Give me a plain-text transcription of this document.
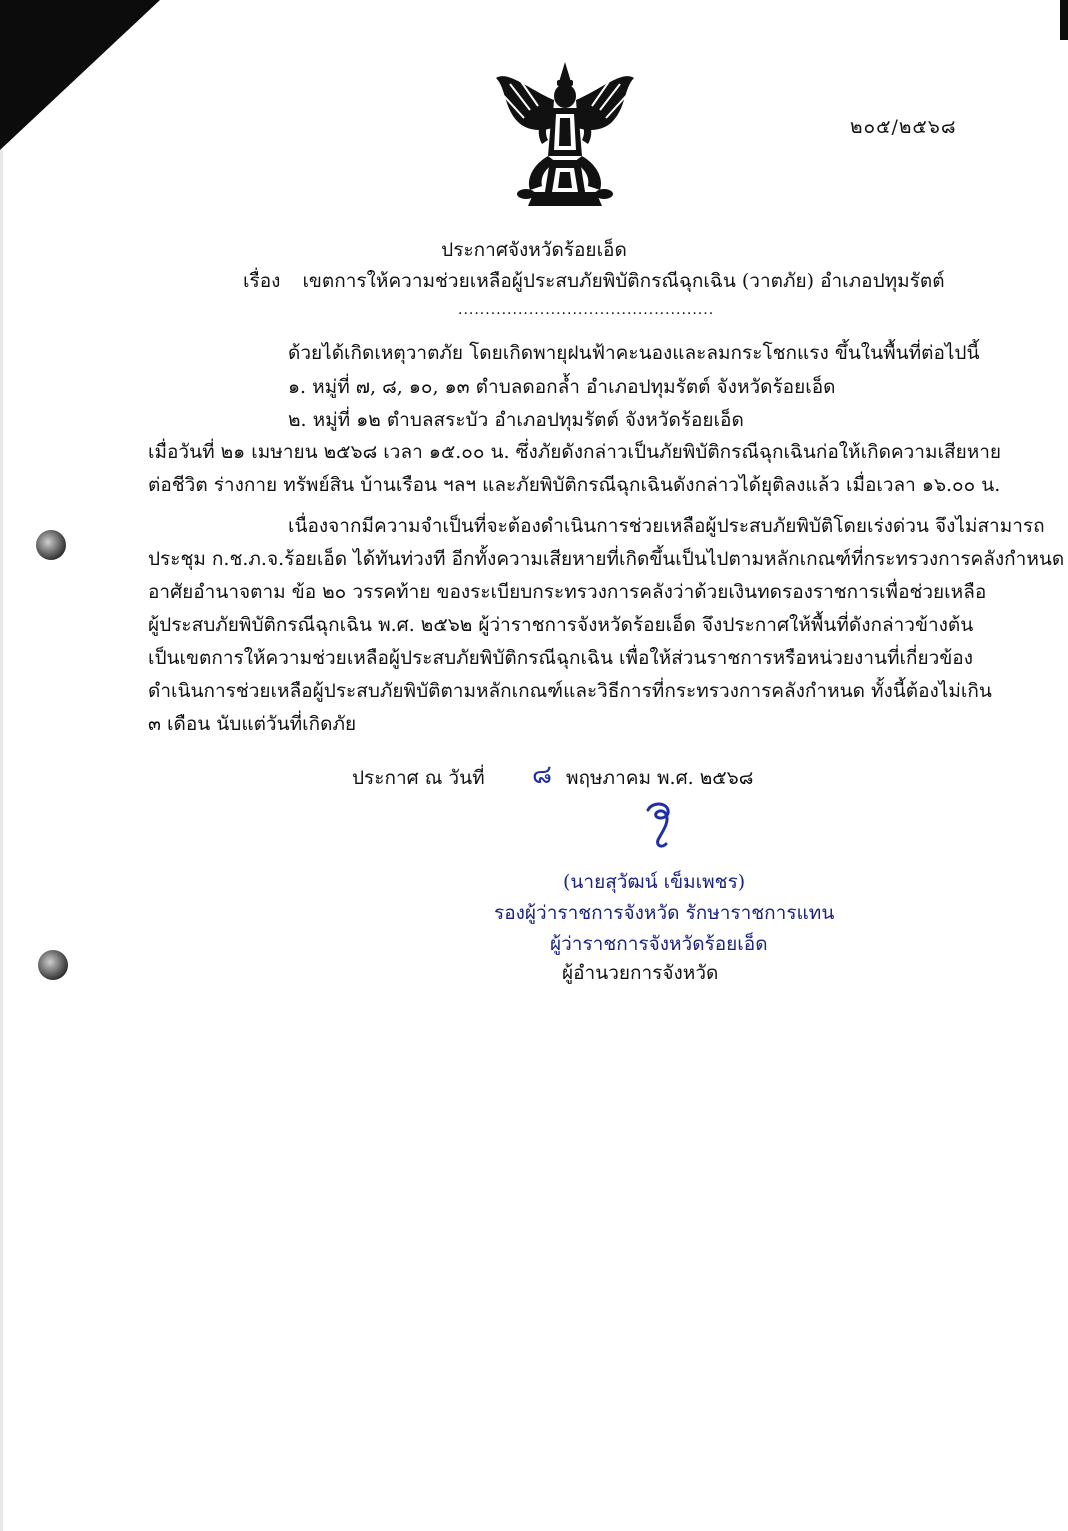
๒๐๕/๒๕๖๘
ประกาศจังหวัดร้อยเอ็ด
เรื่อง เขตการให้ความช่วยเหลือผู้ประสบภัยพิบัติกรณีฉุกเฉิน (วาตภัย) อำเภอปทุมรัตต์
...............................................
ด้วยได้เกิดเหตุวาตภัย โดยเกิดพายุฝนฟ้าคะนองและลมกระโชกแรง ขึ้นในพื้นที่ต่อไปนี้
๑. หมู่ที่ ๗, ๘, ๑๐, ๑๓ ตำบลดอกล้ำ อำเภอปทุมรัตต์ จังหวัดร้อยเอ็ด
๒. หมู่ที่ ๑๒ ตำบลสระบัว อำเภอปทุมรัตต์ จังหวัดร้อยเอ็ด
เมื่อวันที่ ๒๑ เมษายน ๒๕๖๘ เวลา ๑๕.๐๐ น. ซึ่งภัยดังกล่าวเป็นภัยพิบัติกรณีฉุกเฉินก่อให้เกิดความเสียหาย
ต่อชีวิต ร่างกาย ทรัพย์สิน บ้านเรือน ฯลฯ และภัยพิบัติกรณีฉุกเฉินดังกล่าวได้ยุติลงแล้ว เมื่อเวลา ๑๖.๐๐ น.
เนื่องจากมีความจำเป็นที่จะต้องดำเนินการช่วยเหลือผู้ประสบภัยพิบัติโดยเร่งด่วน จึงไม่สามารถ
ประชุม ก.ช.ภ.จ.ร้อยเอ็ด ได้ทันท่วงที อีกทั้งความเสียหายที่เกิดขึ้นเป็นไปตามหลักเกณฑ์ที่กระทรวงการคลังกำหนด
อาศัยอำนาจตาม ข้อ ๒๐ วรรคท้าย ของระเบียบกระทรวงการคลังว่าด้วยเงินทดรองราชการเพื่อช่วยเหลือ
ผู้ประสบภัยพิบัติกรณีฉุกเฉิน พ.ศ. ๒๕๖๒ ผู้ว่าราชการจังหวัดร้อยเอ็ด จึงประกาศให้พื้นที่ดังกล่าวข้างต้น
เป็นเขตการให้ความช่วยเหลือผู้ประสบภัยพิบัติกรณีฉุกเฉิน เพื่อให้ส่วนราชการหรือหน่วยงานที่เกี่ยวข้อง
ดำเนินการช่วยเหลือผู้ประสบภัยพิบัติตามหลักเกณฑ์และวิธีการที่กระทรวงการคลังกำหนด ทั้งนี้ต้องไม่เกิน
๓ เดือน นับแต่วันที่เกิดภัย
ประกาศ ณ วันที่ ๘ พฤษภาคม พ.ศ. ๒๕๖๘
(นายสุวัฒน์ เข็มเพชร)
รองผู้ว่าราชการจังหวัด รักษาราชการแทน
ผู้ว่าราชการจังหวัดร้อยเอ็ด
ผู้อำนวยการจังหวัด
